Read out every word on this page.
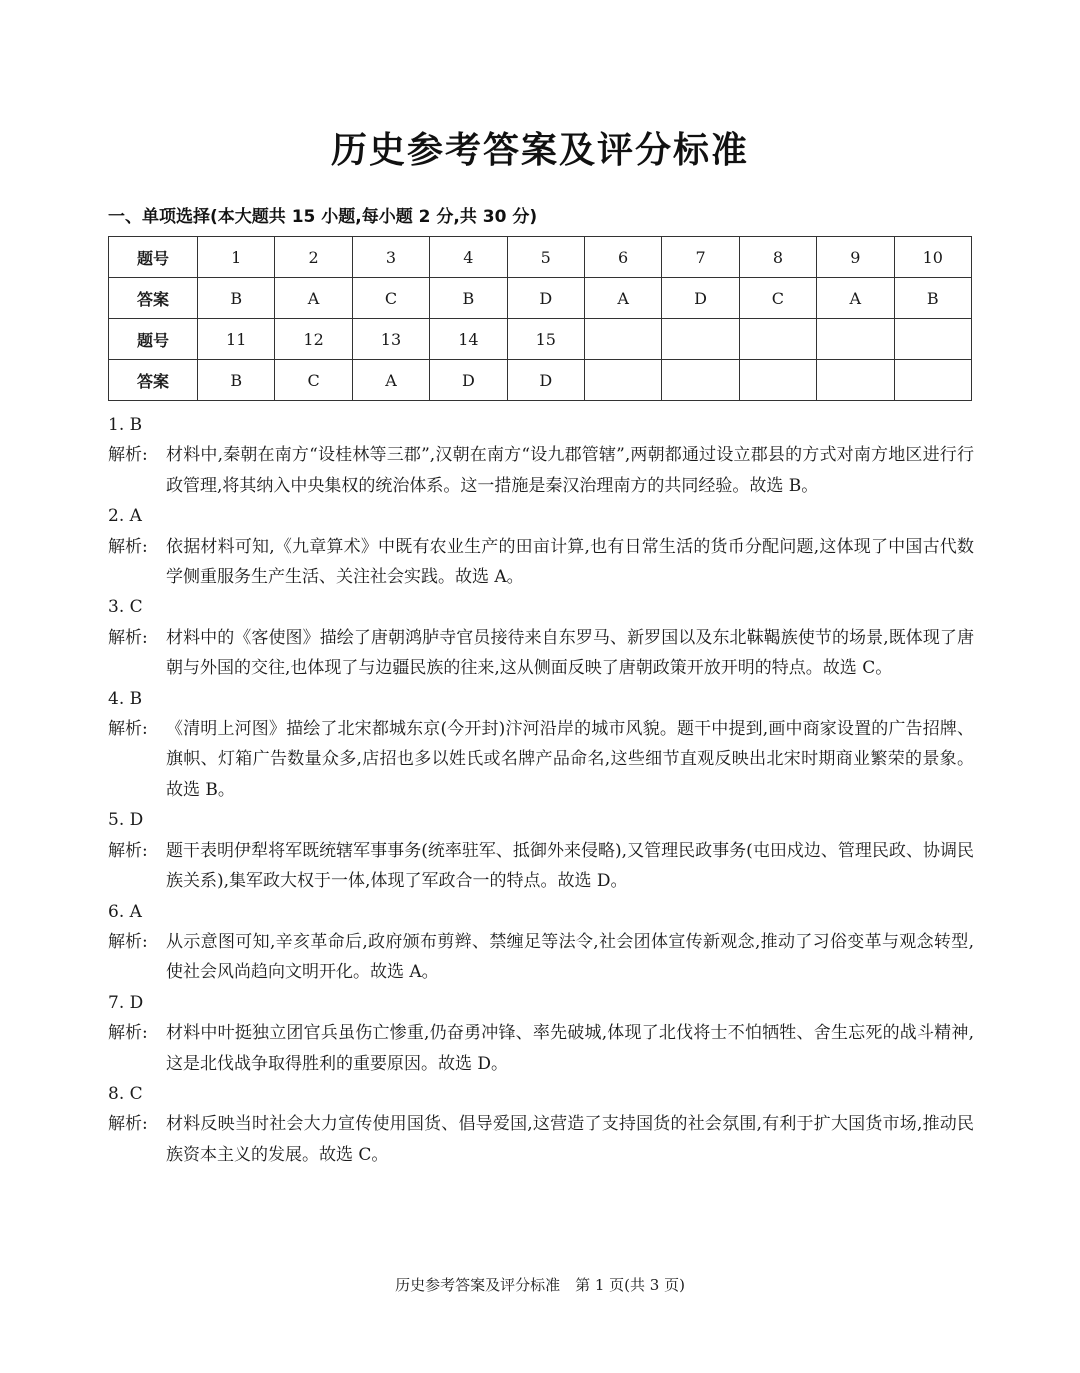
历史参考答案及评分标准
一、单项选择(本大题共 15 小题,每小题 2 分,共 30 分)
题号	1	2	3	4	5	6	7	8	9	10
答案	B	A	C	B	D	A	D	C	A	B
题号	11	12	13	14	15					
答案	B	C	A	D	D					
1. B
解析: 材料中,秦朝在南方“设桂林等三郡”,汉朝在南方“设九郡管辖”,两朝都通过设立郡县的方式对南方地区进行行政管理,将其纳入中央集权的统治体系。这一措施是秦汉治理南方的共同经验。故选 B。
2. A
解析: 依据材料可知,《九章算术》中既有农业生产的田亩计算,也有日常生活的货币分配问题,这体现了中国古代数学侧重服务生产生活、关注社会实践。故选 A。
3. C
解析: 材料中的《客使图》描绘了唐朝鸿胪寺官员接待来自东罗马、新罗国以及东北靺鞨族使节的场景,既体现了唐朝与外国的交往,也体现了与边疆民族的往来,这从侧面反映了唐朝政策开放开明的特点。故选 C。
4. B
解析: 《清明上河图》描绘了北宋都城东京(今开封)汴河沿岸的城市风貌。题干中提到,画中商家设置的广告招牌、旗帜、灯箱广告数量众多,店招也多以姓氏或名牌产品命名,这些细节直观反映出北宋时期商业繁荣的景象。故选 B。
5. D
解析: 题干表明伊犁将军既统辖军事事务(统率驻军、抵御外来侵略),又管理民政事务(屯田戍边、管理民政、协调民族关系),集军政大权于一体,体现了军政合一的特点。故选 D。
6. A
解析: 从示意图可知,辛亥革命后,政府颁布剪辫、禁缠足等法令,社会团体宣传新观念,推动了习俗变革与观念转型,使社会风尚趋向文明开化。故选 A。
7. D
解析: 材料中叶挺独立团官兵虽伤亡惨重,仍奋勇冲锋、率先破城,体现了北伐将士不怕牺牲、舍生忘死的战斗精神,这是北伐战争取得胜利的重要原因。故选 D。
8. C
解析: 材料反映当时社会大力宣传使用国货、倡导爱国,这营造了支持国货的社会氛围,有利于扩大国货市场,推动民族资本主义的发展。故选 C。
历史参考答案及评分标准　第 1 页(共 3 页)
